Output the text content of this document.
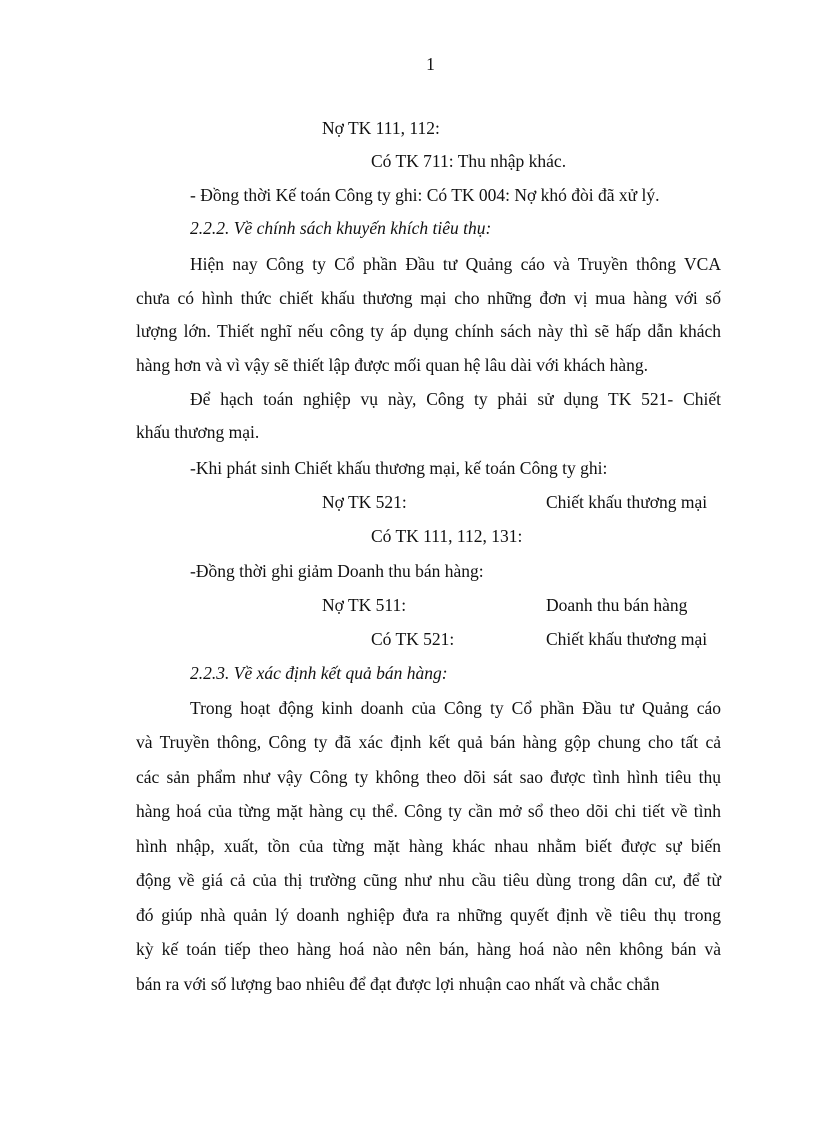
1
Nợ TK 111, 112:
Có TK 711: Thu nhập khác.
- Đồng thời Kế toán Công ty ghi: Có TK 004: Nợ khó đòi đã xử lý.
2.2.2. Về chính sách khuyến khích tiêu thụ:
Hiện nay Công ty Cổ phần Đầu tư Quảng cáo và Truyền thông VCA
chưa có hình thức chiết khấu thương mại cho những đơn vị mua hàng với số
lượng lớn. Thiết nghĩ nếu công ty áp dụng chính sách này thì sẽ hấp dẫn khách
hàng hơn và vì vậy sẽ thiết lập được mối quan hệ lâu dài với khách hàng.
Để hạch toán nghiệp vụ này, Công ty phải sử dụng TK 521- Chiết
khấu thương mại.
-Khi phát sinh Chiết khấu thương mại, kế toán Công ty ghi:
Nợ TK 521:	Chiết khấu thương mại
Có TK 111, 112, 131:
-Đồng thời ghi giảm Doanh thu bán hàng:
Nợ TK 511:	Doanh thu bán hàng
Có TK 521:	Chiết khấu thương mại
2.2.3. Về xác định kết quả bán hàng:
Trong hoạt động kinh doanh của Công ty Cổ phần Đầu tư Quảng cáo
và Truyền thông, Công ty đã xác định kết quả bán hàng gộp chung cho tất cả
các sản phẩm như vậy Công ty không theo dõi sát sao được tình hình tiêu thụ
hàng hoá của từng mặt hàng cụ thể. Công ty cần mở sổ theo dõi chi tiết về tình
hình nhập, xuất, tồn của từng mặt hàng khác nhau nhằm biết được sự biến
động về giá cả của thị trường cũng như nhu cầu tiêu dùng trong dân cư, để từ
đó giúp nhà quản lý doanh nghiệp đưa ra những quyết định về tiêu thụ trong
kỳ kế toán tiếp theo hàng hoá nào nên bán, hàng hoá nào nên không bán và
bán ra với số lượng bao nhiêu để đạt được lợi nhuận cao nhất và chắc chắn
